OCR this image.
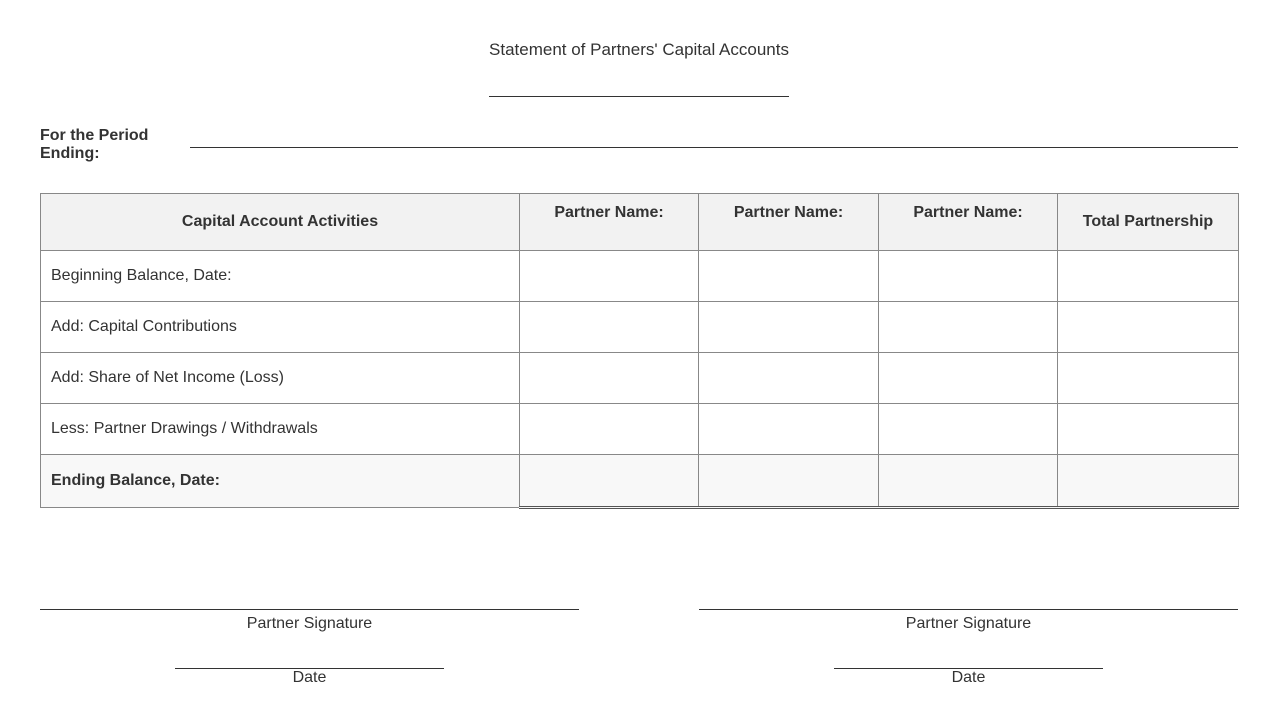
Statement of Partners' Capital Accounts
For the Period Ending:
Capital Account Activities	Partner Name:	Partner Name:	Partner Name:	Total Partnership
Beginning Balance, Date:				
Add: Capital Contributions				
Add: Share of Net Income (Loss)				
Less: Partner Drawings / Withdrawals				
Ending Balance, Date:				
Partner Signature
Date
Partner Signature
Date
